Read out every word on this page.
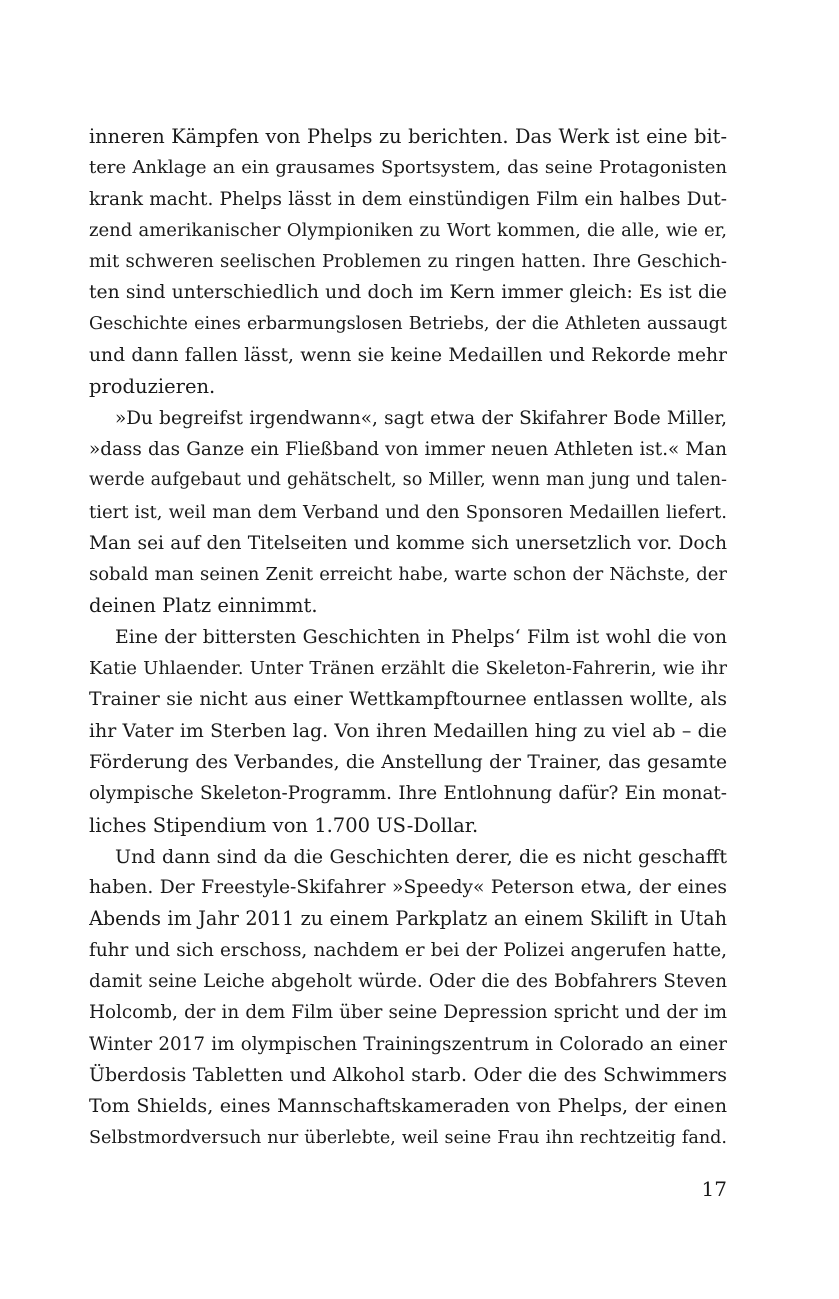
inneren Kämpfen von Phelps zu berichten. Das Werk ist eine bit-
tere Anklage an ein grausames Sportsystem, das seine Protagonisten
krank macht. Phelps lässt in dem einstündigen Film ein halbes Dut-
zend amerikanischer Olympioniken zu Wort kommen, die alle, wie er,
mit schweren seelischen Problemen zu ringen hatten. Ihre Geschich-
ten sind unterschiedlich und doch im Kern immer gleich: Es ist die
Geschichte eines erbarmungslosen Betriebs, der die Athleten aussaugt
und dann fallen lässt, wenn sie keine Medaillen und Rekorde mehr
produzieren.
»Du begreifst irgendwann«, sagt etwa der Skifahrer Bode Miller,
»dass das Ganze ein Fließband von immer neuen Athleten ist.« Man
werde aufgebaut und gehätschelt, so Miller, wenn man jung und talen-
tiert ist, weil man dem Verband und den Sponsoren Medaillen liefert.
Man sei auf den Titelseiten und komme sich unersetzlich vor. Doch
sobald man seinen Zenit erreicht habe, warte schon der Nächste, der
deinen Platz einnimmt.
Eine der bittersten Geschichten in Phelps‘ Film ist wohl die von
Katie Uhlaender. Unter Tränen erzählt die Skeleton-Fahrerin, wie ihr
Trainer sie nicht aus einer Wettkampftournee entlassen wollte, als
ihr Vater im Sterben lag. Von ihren Medaillen hing zu viel ab – die
Förderung des Verbandes, die Anstellung der Trainer, das gesamte
olympische Skeleton-Programm. Ihre Entlohnung dafür? Ein monat-
liches Stipendium von 1.700 US-Dollar.
Und dann sind da die Geschichten derer, die es nicht geschafft
haben. Der Freestyle-Skifahrer »Speedy« Peterson etwa, der eines
Abends im Jahr 2011 zu einem Parkplatz an einem Skilift in Utah
fuhr und sich erschoss, nachdem er bei der Polizei angerufen hatte,
damit seine Leiche abgeholt würde. Oder die des Bobfahrers Steven
Holcomb, der in dem Film über seine Depression spricht und der im
Winter 2017 im olympischen Trainingszentrum in Colorado an einer
Überdosis Tabletten und Alkohol starb. Oder die des Schwimmers
Tom Shields, eines Mannschaftskameraden von Phelps, der einen
Selbstmordversuch nur überlebte, weil seine Frau ihn rechtzeitig fand.
17
